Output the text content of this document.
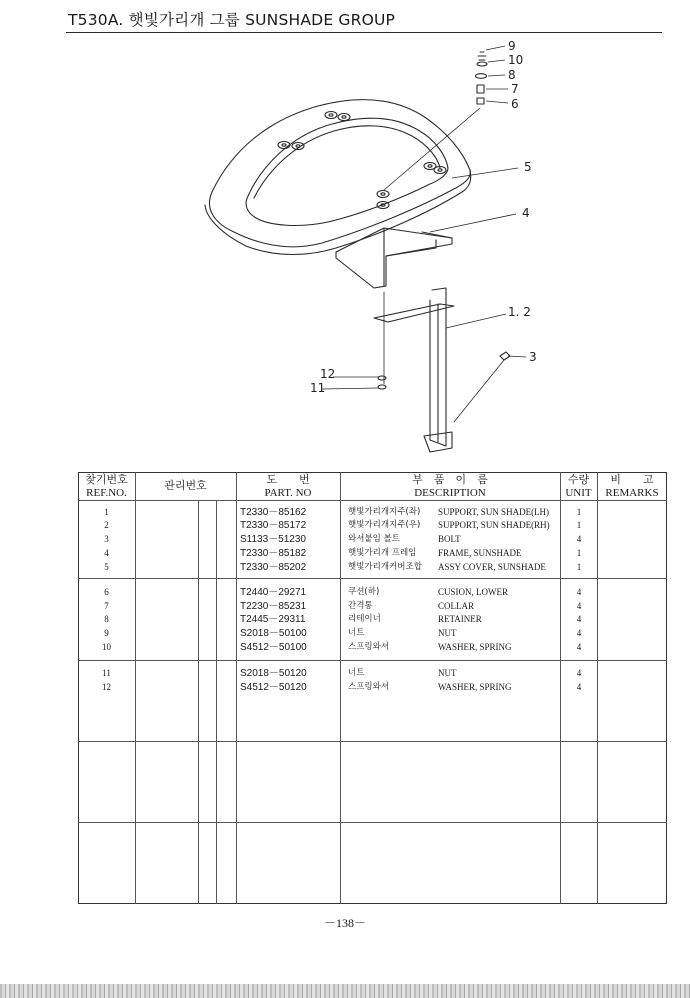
T530A. 햇빛가리개 그룹 SUNSHADE GROUP
9
10
8
7
6
5
4
1. 2
3
12
11
찾기번호
REF.NO.
관리번호	도　　번
PART. NO
부　품　이　름
DESCRIPTION
수량
UNIT
비　　고
REMARKS
1	T2330－85162	햇빛가리개지주(좌) SUPPORT, SUN SHADE(LH)	1
2	T2330－85172	햇빛가리개지주(우) SUPPORT, SUN SHADE(RH)	1
3	S1133－51230	와셔붙임 볼트	BOLT	4
4	T2330－85182	햇빛가리개 프레임 FRAME, SUNSHADE	1
5	T2330－85202	햇빛가리개커버조합 ASSY COVER, SUNSHADE	1
6	T2440－29271	쿠션(하)	CUSION, LOWER	4
7	T2230－85231	간격통	COLLAR	4
8	T2445－29311	리테이너	RETAINER	4
9	S2018－50100	너트	NUT	4
10	S4512－50100	스프링와셔	WASHER, SPRING	4
11	S2018－50120	너트	NUT	4
12	S4512－50120	스프링와셔	WASHER, SPRING	4
－138－
